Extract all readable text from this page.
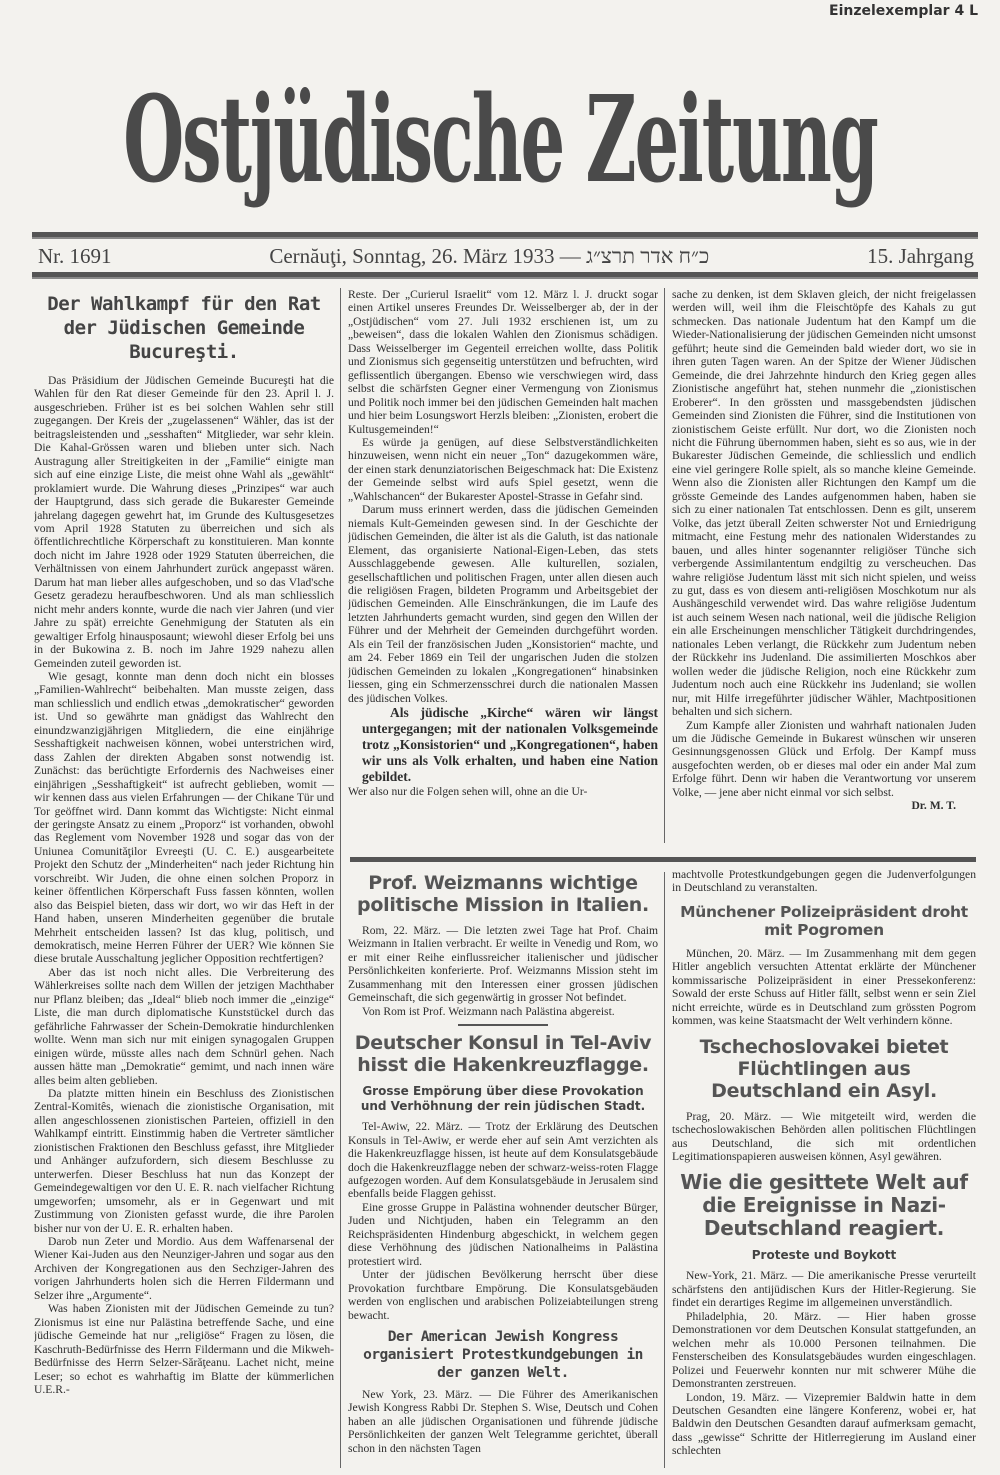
Einzelexemplar 4 L
Ostjüdische Zeitung
Nr. 1691	Cernăuţi, Sonntag, 26. März 1933 — כ״ח אדר תרצ״ג	15. Jahrgang
Der Wahlkampf für den Rat der Jüdischen Gemeinde Bucureşti.

Das Präsidium der Jüdischen Gemeinde Bucureşti hat die Wahlen für den Rat dieser Gemeinde für den 23. April l. J. ausgeschrieben. Früher ist es bei solchen Wahlen sehr still zugegangen. Der Kreis der „zugelassenen“ Wähler, das ist der beitragsleistenden und „sesshaften“ Mitglieder, war sehr klein. Die Kahal-Grössen waren und blieben unter sich. Nach Austragung aller Streitigkeiten in der „Familie“ einigte man sich auf eine einzige Liste, die meist ohne Wahl als „gewählt“ proklamiert wurde. Die Wahrung dieses „Prinzipes“ war auch der Hauptgrund, dass sich gerade die Bukarester Gemeinde jahrelang dagegen gewehrt hat, im Grunde des Kultusgesetzes vom April 1928 Statuten zu überreichen und sich als öffentlichrechtliche Körperschaft zu konstituieren. Man konnte doch nicht im Jahre 1928 oder 1929 Statuten überreichen, die Verhältnissen von einem Jahrhundert zurück angepasst wären. Darum hat man lieber alles aufgeschoben, und so das Vlad'sche Gesetz geradezu heraufbeschworen. Und als man schliesslich nicht mehr anders konnte, wurde die nach vier Jahren (und vier Jahre zu spät) erreichte Genehmigung der Statuten als ein gewaltiger Erfolg hinausposaunt; wiewohl dieser Erfolg bei uns in der Bukowina z. B. noch im Jahre 1929 nahezu allen Gemeinden zuteil geworden ist.

Wie gesagt, konnte man denn doch nicht ein blosses „Familien-Wahlrecht“ beibehalten. Man musste zeigen, dass man schliesslich und endlich etwas „demokratischer“ geworden ist. Und so gewährte man gnädigst das Wahlrecht den einundzwanzigjährigen Mitgliedern, die eine einjährige Sesshaftigkeit nachweisen können, wobei unterstrichen wird, dass Zahlen der direkten Abgaben sonst notwendig ist. Zunächst: das berüchtigte Erfordernis des Nachweises einer einjährigen „Sesshaftigkeit“ ist aufrecht geblieben, womit — wir kennen dass aus vielen Erfahrungen — der Chikane Tür und Tor geöffnet wird. Dann kommt das Wichtigste: Nicht einmal der geringste Ansatz zu einem „Proporz“ ist vorhanden, obwohl das Reglement vom November 1928 und sogar das von der Uniunea Comunităţilor Evreeşti (U. C. E.) ausgearbeitete Projekt den Schutz der „Minderheiten“ nach jeder Richtung hin vorschreibt. Wir Juden, die ohne einen solchen Proporz in keiner öffentlichen Körperschaft Fuss fassen könnten, wollen also das Beispiel bieten, dass wir dort, wo wir das Heft in der Hand haben, unseren Minderheiten gegenüber die brutale Mehrheit entscheiden lassen? Ist das klug, politisch, und demokratisch, meine Herren Führer der UER? Wie können Sie diese brutale Ausschaltung jeglicher Opposition rechtfertigen?

Aber das ist noch nicht alles. Die Verbreiterung des Wählerkreises sollte nach dem Willen der jetzigen Machthaber nur Pflanz bleiben; das „Ideal“ blieb noch immer die „einzige“ Liste, die man durch diplomatische Kunststückel durch das gefährliche Fahrwasser der Schein-Demokratie hindurchlenken wollte. Wenn man sich nur mit einigen synagogalen Gruppen einigen würde, müsste alles nach dem Schnürl gehen. Nach aussen hätte man „Demokratie“ gemimt, und nach innen wäre alles beim alten geblieben.

Da platzte mitten hinein ein Beschluss des Zionistischen Zentral-Komitês, wienach die zionistische Organisation, mit allen angeschlossenen zionistischen Parteien, offiziell in den Wahlkampf eintritt. Einstimmig haben die Vertreter sämtlicher zionistischen Fraktionen den Beschluss gefasst, ihre Mitglieder und Anhänger aufzufordern, sich diesem Beschlusse zu unterwerfen. Dieser Beschluss hat nun das Konzept der Gemeindegewaltigen vor den U. E. R. nach vielfacher Richtung umgeworfen; umsomehr, als er in Gegenwart und mit Zustimmung von Zionisten gefasst wurde, die ihre Parolen bisher nur von der U. E. R. erhalten haben.

Darob nun Zeter und Mordio. Aus dem Waffenarsenal der Wiener Kai-Juden aus den Neunziger-Jahren und sogar aus den Archiven der Kongregationen aus den Sechziger-Jahren des vorigen Jahrhunderts holen sich die Herren Fildermann und Selzer ihre „Argumente“.

Was haben Zionisten mit der Jüdischen Gemeinde zu tun? Zionismus ist eine nur Palästina betreffende Sache, und eine jüdische Gemeinde hat nur „religiöse“ Fragen zu lösen, die Kaschruth-Bedürfnisse des Herrn Fildermann und die Mikweh-Bedürfnisse des Herrn Selzer-Sărăţeanu. Lachet nicht, meine Leser; so echot es wahrhaftig im Blatte der kümmerlichen U.E.R.-

Reste. Der „Curierul Israelit“ vom 12. März l. J. druckt sogar einen Artikel unseres Freundes Dr. Weisselberger ab, der in der „Ostjüdischen“ vom 27. Juli 1932 erschienen ist, um zu „beweisen“, dass die lokalen Wahlen den Zionismus schädigen. Dass Weisselberger im Gegenteil erreichen wollte, dass Politik und Zionismus sich gegenseitig unterstützen und befruchten, wird geflissentlich übergangen. Ebenso wie verschwiegen wird, dass selbst die schärfsten Gegner einer Vermengung von Zionismus und Politik noch immer bei den jüdischen Gemeinden halt machen und hier beim Losungswort Herzls bleiben: „Zionisten, erobert die Kultusgemeinden!“

Es würde ja genügen, auf diese Selbstverständlichkeiten hinzuweisen, wenn nicht ein neuer „Ton“ dazugekommen wäre, der einen stark denunziatorischen Beigeschmack hat: Die Existenz der Gemeinde selbst wird aufs Spiel gesetzt, wenn die „Wahlschancen“ der Bukarester Apostel-Strasse in Gefahr sind.

Darum muss erinnert werden, dass die jüdischen Gemeinden niemals Kult-Gemeinden gewesen sind. In der Geschichte der jüdischen Gemeinden, die älter ist als die Galuth, ist das nationale Element, das organisierte National-Eigen-Leben, das stets Ausschlaggebende gewesen. Alle kulturellen, sozialen, gesellschaftlichen und politischen Fragen, unter allen diesen auch die religiösen Fragen, bildeten Programm und Arbeitsgebiet der jüdischen Gemeinden. Alle Einschränkungen, die im Laufe des letzten Jahrhunderts gemacht wurden, sind gegen den Willen der Führer und der Mehrheit der Gemeinden durchgeführt worden. Als ein Teil der französischen Juden „Konsistorien“ machte, und am 24. Feber 1869 ein Teil der ungarischen Juden die stolzen jüdischen Gemeinden zu lokalen „Kongregationen“ hinabsinken liessen, ging ein Schmerzensschrei durch die nationalen Massen des jüdischen Volkes.

Als jüdische „Kirche“ wären wir längst untergegangen; mit der nationalen Volksgemeinde trotz „Konsistorien“ und „Kongregationen“, haben wir uns als Volk erhalten, und haben eine Nation gebildet.

Wer also nur die Folgen sehen will, ohne an die Ur-

sache zu denken, ist dem Sklaven gleich, der nicht freigelassen werden will, weil ihm die Fleischtöpfe des Kahals zu gut schmecken. Das nationale Judentum hat den Kampf um die Wieder-Nationalisierung der jüdischen Gemeinden nicht umsonst geführt; heute sind die Gemeinden bald wieder dort, wo sie in ihren guten Tagen waren. An der Spitze der Wiener Jüdischen Gemeinde, die drei Jahrzehnte hindurch den Krieg gegen alles Zionistische angeführt hat, stehen nunmehr die „zionistischen Eroberer“. In den grössten und massgebendsten jüdischen Gemeinden sind Zionisten die Führer, sind die Institutionen von zionistischem Geiste erfüllt. Nur dort, wo die Zionisten noch nicht die Führung übernommen haben, sieht es so aus, wie in der Bukarester Jüdischen Gemeinde, die schliesslich und endlich eine viel geringere Rolle spielt, als so manche kleine Gemeinde. Wenn also die Zionisten aller Richtungen den Kampf um die grösste Gemeinde des Landes aufgenommen haben, haben sie sich zu einer nationalen Tat entschlossen. Denn es gilt, unserem Volke, das jetzt überall Zeiten schwerster Not und Erniedrigung mitmacht, eine Festung mehr des nationalen Widerstandes zu bauen, und alles hinter sogenannter religiöser Tünche sich verbergende Assimilantentum endgiltig zu verscheuchen. Das wahre religiöse Judentum lässt mit sich nicht spielen, und weiss zu gut, dass es von diesem anti-religiösen Moschkotum nur als Aushängeschild verwendet wird. Das wahre religiöse Judentum ist auch seinem Wesen nach national, weil die jüdische Religion ein alle Erscheinungen menschlicher Tätigkeit durchdringendes, nationales Leben verlangt, die Rückkehr zum Judentum neben der Rückkehr ins Judenland. Die assimilierten Moschkos aber wollen weder die jüdische Religion, noch eine Rückkehr zum Judentum noch auch eine Rückkehr ins Judenland; sie wollen nur, mit Hilfe irregeführter jüdischer Wähler, Machtpositionen behalten und sich sichern.

Zum Kampfe aller Zionisten und wahrhaft nationalen Juden um die Jüdische Gemeinde in Bukarest wünschen wir unseren Gesinnungsgenossen Glück und Erfolg. Der Kampf muss ausgefochten werden, ob er dieses mal oder ein ander Mal zum Erfolge führt. Denn wir haben die Verantwortung vor unserem Volke, — jene aber nicht einmal vor sich selbst.

Dr. M. T.

Prof. Weizmanns wichtige politische Mission in Italien.

Rom, 22. März. — Die letzten zwei Tage hat Prof. Chaim Weizmann in Italien verbracht. Er weilte in Venedig und Rom, wo er mit einer Reihe einflussreicher italienischer und jüdischer Persönlichkeiten konferierte. Prof. Weizmanns Mission steht im Zusammenhang mit den Interessen einer grossen jüdischen Gemeinschaft, die sich gegenwärtig in grosser Not befindet.

Von Rom ist Prof. Weizmann nach Palästina abgereist.

Deutscher Konsul in Tel-Aviv hisst die Hakenkreuzflagge.
Grosse Empörung über diese Provokation und Verhöhnung der rein jüdischen Stadt.

Tel-Awiw, 22. März. — Trotz der Erklärung des Deutschen Konsuls in Tel-Awiw, er werde eher auf sein Amt verzichten als die Hakenkreuzflagge hissen, ist heute auf dem Konsulatsgebäude doch die Hakenkreuzflagge neben der schwarz-weiss-roten Flagge aufgezogen worden. Auf dem Konsulatsgebäude in Jerusalem sind ebenfalls beide Flaggen gehisst.

Eine grosse Gruppe in Palästina wohnender deutscher Bürger, Juden und Nichtjuden, haben ein Telegramm an den Reichspräsidenten Hindenburg abgeschickt, in welchem gegen diese Verhöhnung des jüdischen Nationalheims in Palästina protestiert wird.

Unter der jüdischen Bevölkerung herrscht über diese Provokation furchtbare Empörung. Die Konsulatsgebäuden werden von englischen und arabischen Polizeiabteilungen streng bewacht.

Der American Jewish Kongress organisiert Protestkundgebungen in der ganzen Welt.

New York, 23. März. — Die Führer des Amerikanischen Jewish Kongress Rabbi Dr. Stephen S. Wise, Deutsch und Cohen haben an alle jüdischen Organisationen und führende jüdische Persönlichkeiten der ganzen Welt Telegramme gerichtet, überall schon in den nächsten Tagen

machtvolle Protestkundgebungen gegen die Judenverfolgungen in Deutschland zu veranstalten.

Münchener Polizeipräsident droht mit Pogromen

München, 20. März. — Im Zusammenhang mit dem gegen Hitler angeblich versuchten Attentat erklärte der Münchener kommissarische Polizeipräsident in einer Pressekonferenz: Sowald der erste Schuss auf Hitler fällt, selbst wenn er sein Ziel nicht erreichte, würde es in Deutschland zum grössten Pogrom kommen, was keine Staatsmacht der Welt verhindern könne.

Tschechoslovakei bietet Flüchtlingen aus Deutschland ein Asyl.

Prag, 20. März. — Wie mitgeteilt wird, werden die tschechoslowakischen Behörden allen politischen Flüchtlingen aus Deutschland, die sich mit ordentlichen Legitimationspapieren ausweisen können, Asyl gewähren.

Wie die gesittete Welt auf die Ereignisse in Nazi-Deutschland reagiert.
Proteste und Boykott

New-York, 21. März. — Die amerikanische Presse verurteilt schärfstens den antijüdischen Kurs der Hitler-Regierung. Sie findet ein derartiges Regime im allgemeinen unverständlich.

Philadelphia, 20. März. — Hier haben grosse Demonstrationen vor dem Deutschen Konsulat stattgefunden, an welchen mehr als 10.000 Personen teilnahmen. Die Fensterscheiben des Konsulatsgebäudes wurden eingeschlagen. Polizei und Feuerwehr konnten nur mit schwerer Mühe die Demonstranten zerstreuen.

London, 19. März. — Vizepremier Baldwin hatte in dem Deutschen Gesandten eine längere Konferenz, wobei er, hat Baldwin den Deutschen Gesandten darauf aufmerksam gemacht, dass „gewisse“ Schritte der Hitlerregierung im Ausland einer schlechten
